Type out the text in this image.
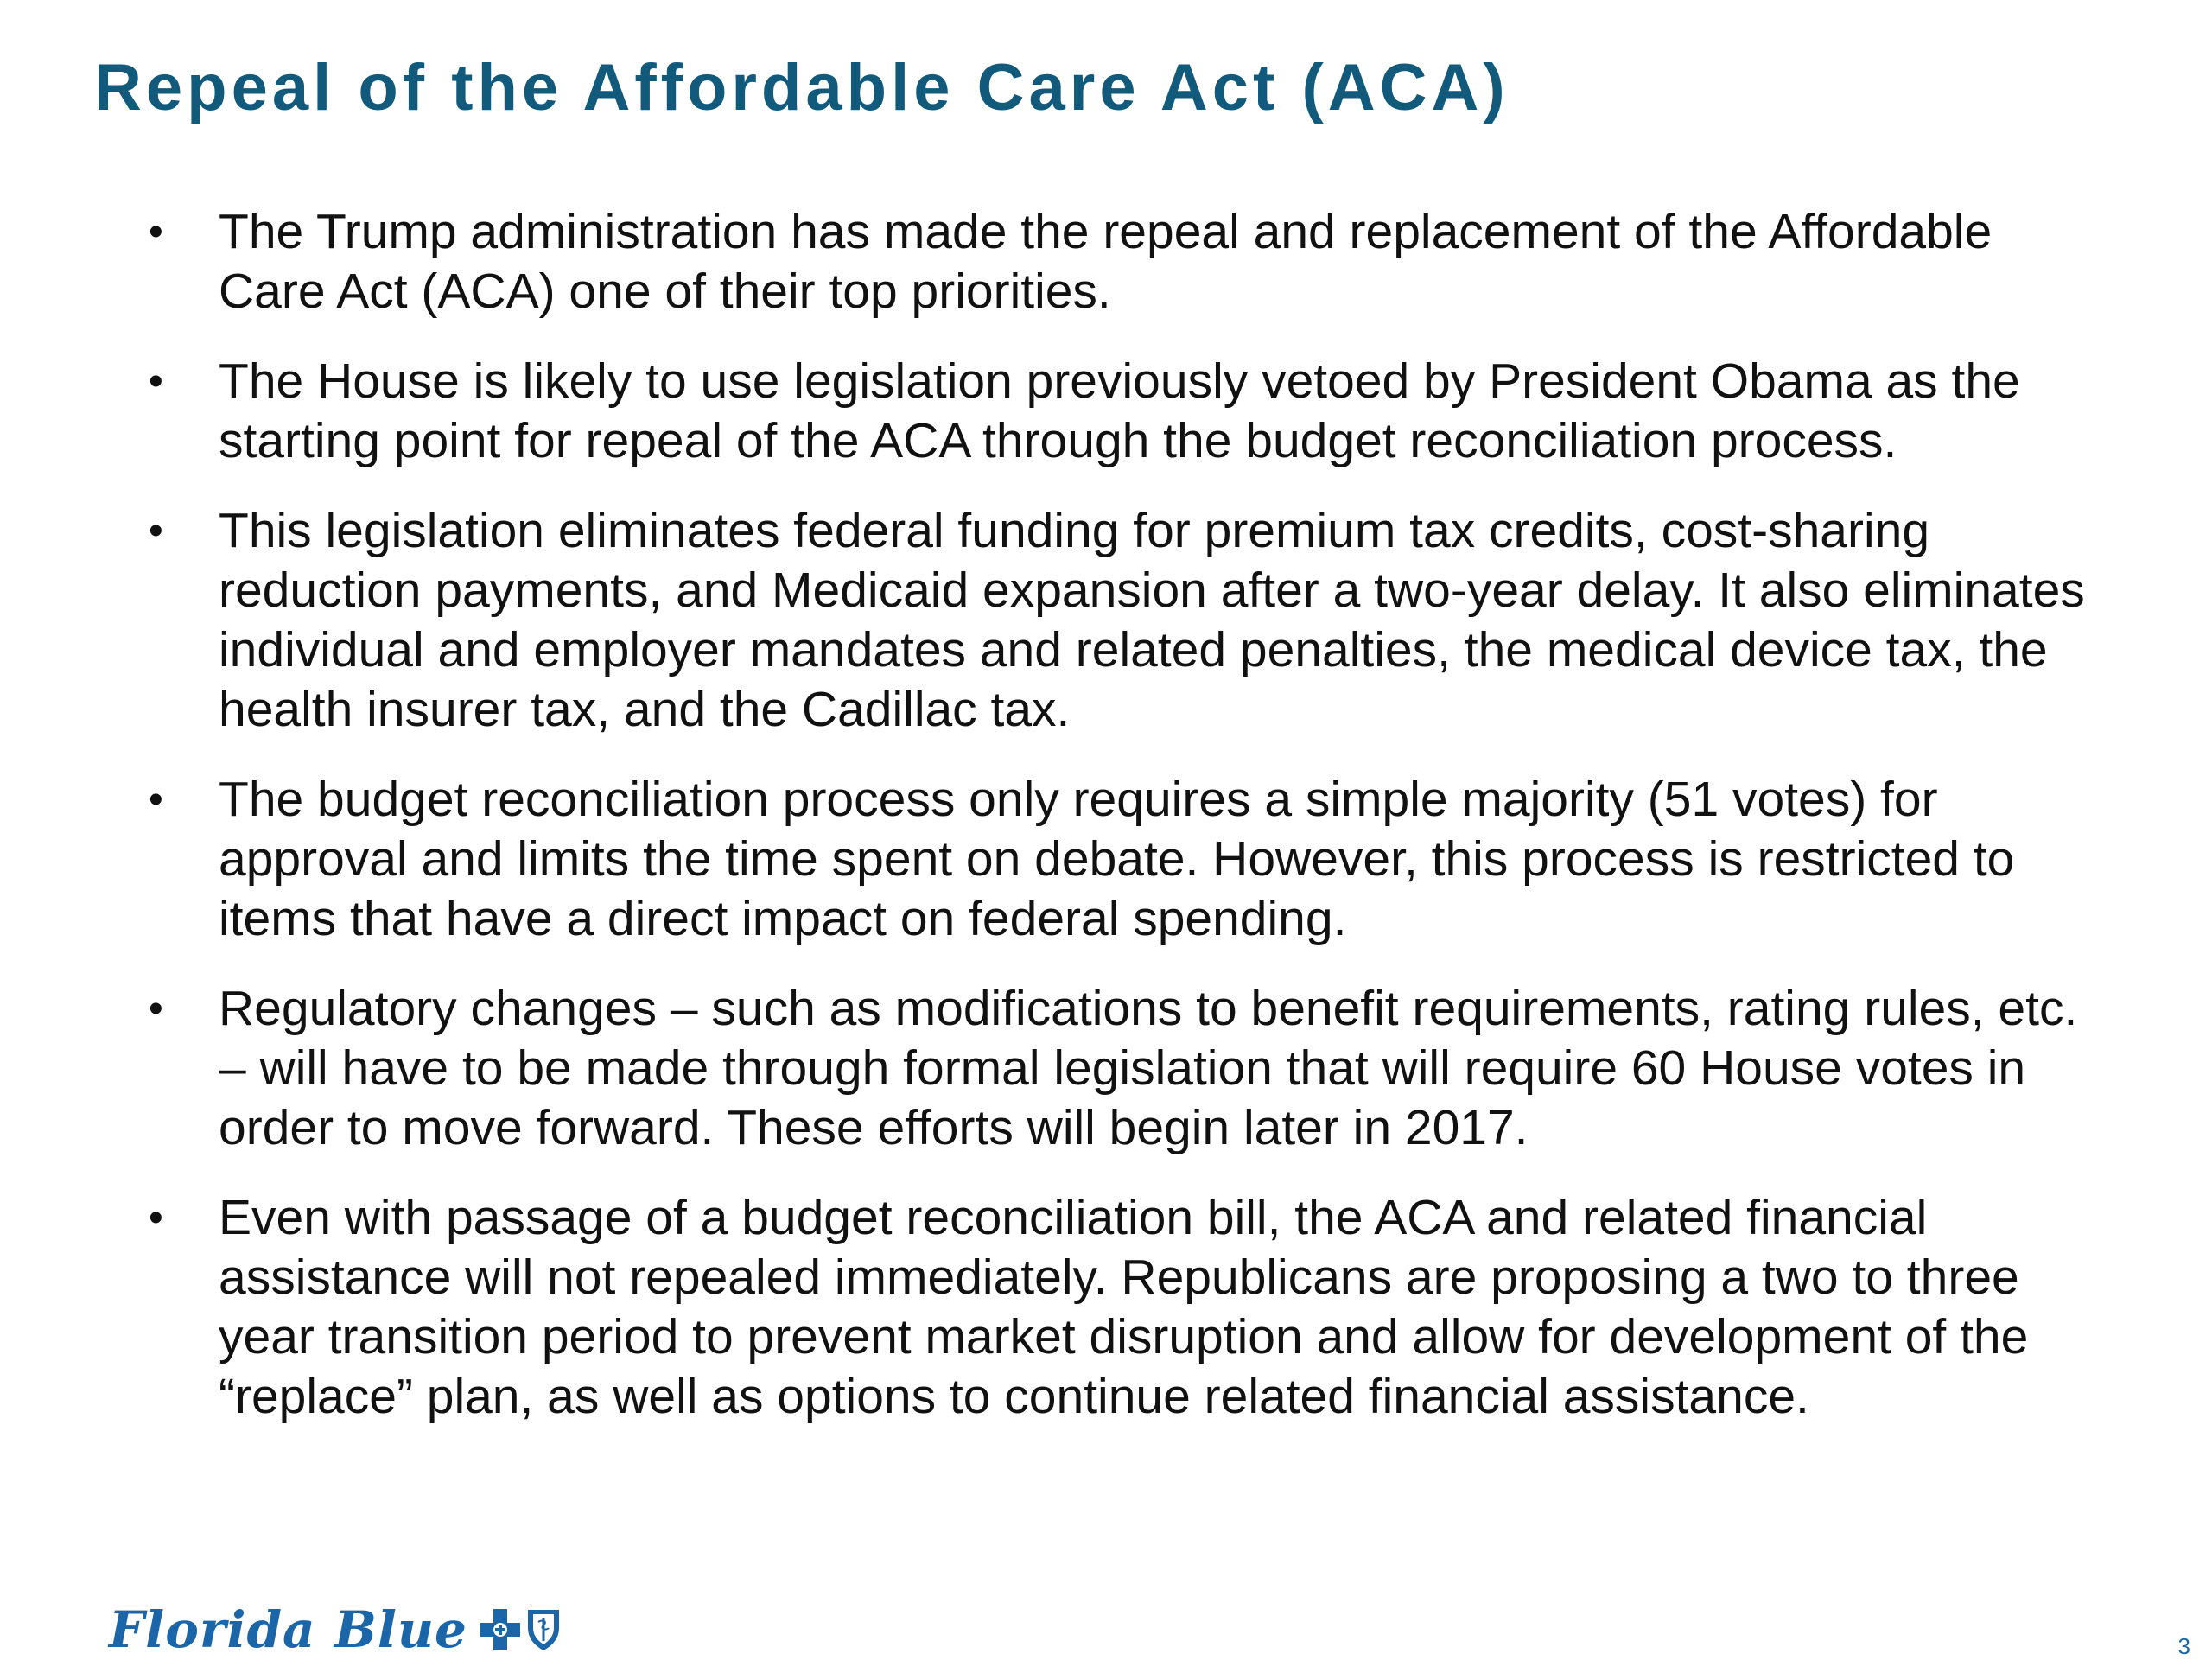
Repeal of the Affordable Care Act (ACA)
• The Trump administration has made the repeal and replacement of the Affordable Care Act (ACA) one of their top priorities.
• The House is likely to use legislation previously vetoed by President Obama as the starting point for repeal of the ACA through the budget reconciliation process.
• This legislation eliminates federal funding for premium tax credits, cost-sharing reduction payments, and Medicaid expansion after a two-year delay. It also eliminates individual and employer mandates and related penalties, the medical device tax, the health insurer tax, and the Cadillac tax.
• The budget reconciliation process only requires a simple majority (51 votes) for approval and limits the time spent on debate. However, this process is restricted to items that have a direct impact on federal spending.
• Regulatory changes – such as modifications to benefit requirements, rating rules, etc. – will have to be made through formal legislation that will require 60 House votes in order to move forward. These efforts will begin later in 2017.
• Even with passage of a budget reconciliation bill, the ACA and related financial assistance will not repealed immediately. Republicans are proposing a two to three year transition period to prevent market disruption and allow for development of the “replace” plan, as well as options to continue related financial assistance.
Florida Blue	3
